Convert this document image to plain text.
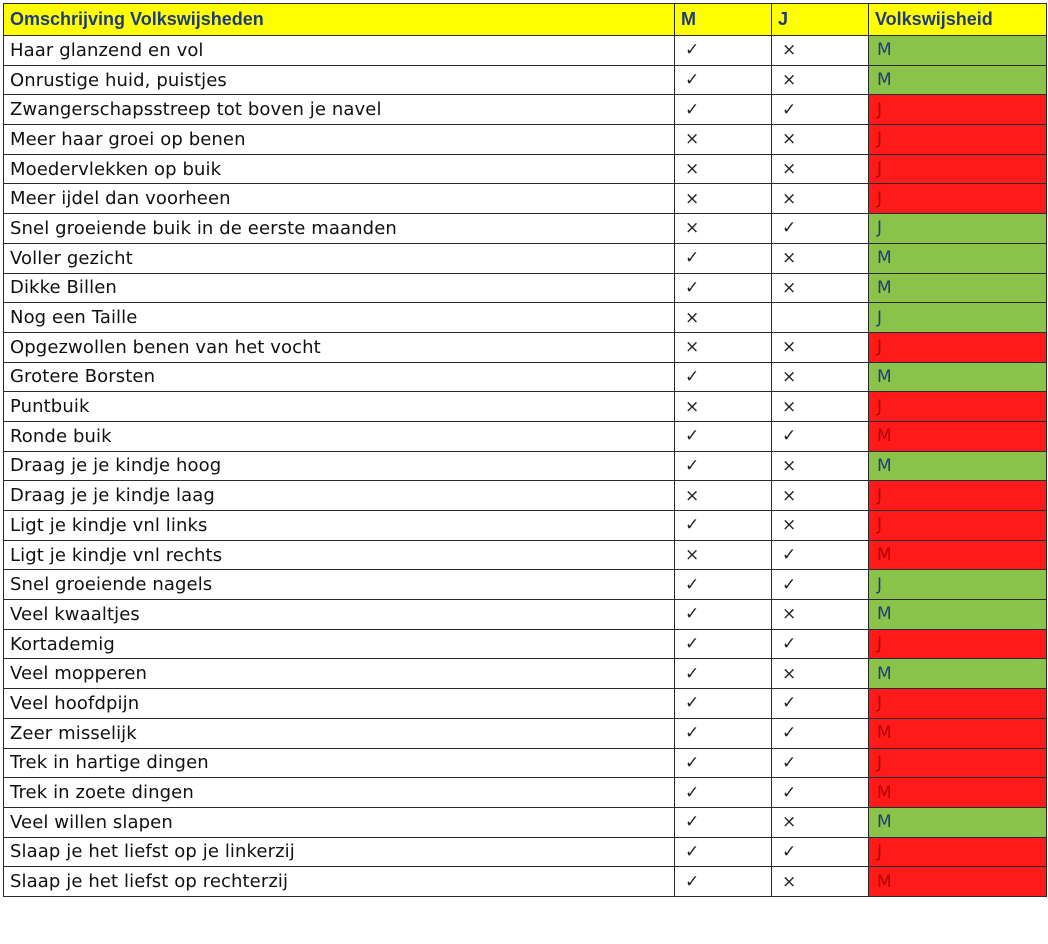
Omschrijving Volkswijsheden	M	J	Volkswijsheid
Haar glanzend en vol	✓	×	M
Onrustige huid, puistjes	✓	×	M
Zwangerschapsstreep tot boven je navel	✓	✓	J
Meer haar groei op benen	×	×	J
Moedervlekken op buik	×	×	J
Meer ijdel dan voorheen	×	×	J
Snel groeiende buik in de eerste maanden	×	✓	J
Voller gezicht	✓	×	M
Dikke Billen	✓	×	M
Nog een Taille	×		J
Opgezwollen benen van het vocht	×	×	J
Grotere Borsten	✓	×	M
Puntbuik	×	×	J
Ronde buik	✓	✓	M
Draag je je kindje hoog	✓	×	M
Draag je je kindje laag	×	×	J
Ligt je kindje vnl links	✓	×	J
Ligt je kindje vnl rechts	×	✓	M
Snel groeiende nagels	✓	✓	J
Veel kwaaltjes	✓	×	M
Kortademig	✓	✓	J
Veel mopperen	✓	×	M
Veel hoofdpijn	✓	✓	J
Zeer misselijk	✓	✓	M
Trek in hartige dingen	✓	✓	J
Trek in zoete dingen	✓	✓	M
Veel willen slapen	✓	×	M
Slaap je het liefst op je linkerzij	✓	✓	J
Slaap je het liefst op rechterzij	✓	×	M
